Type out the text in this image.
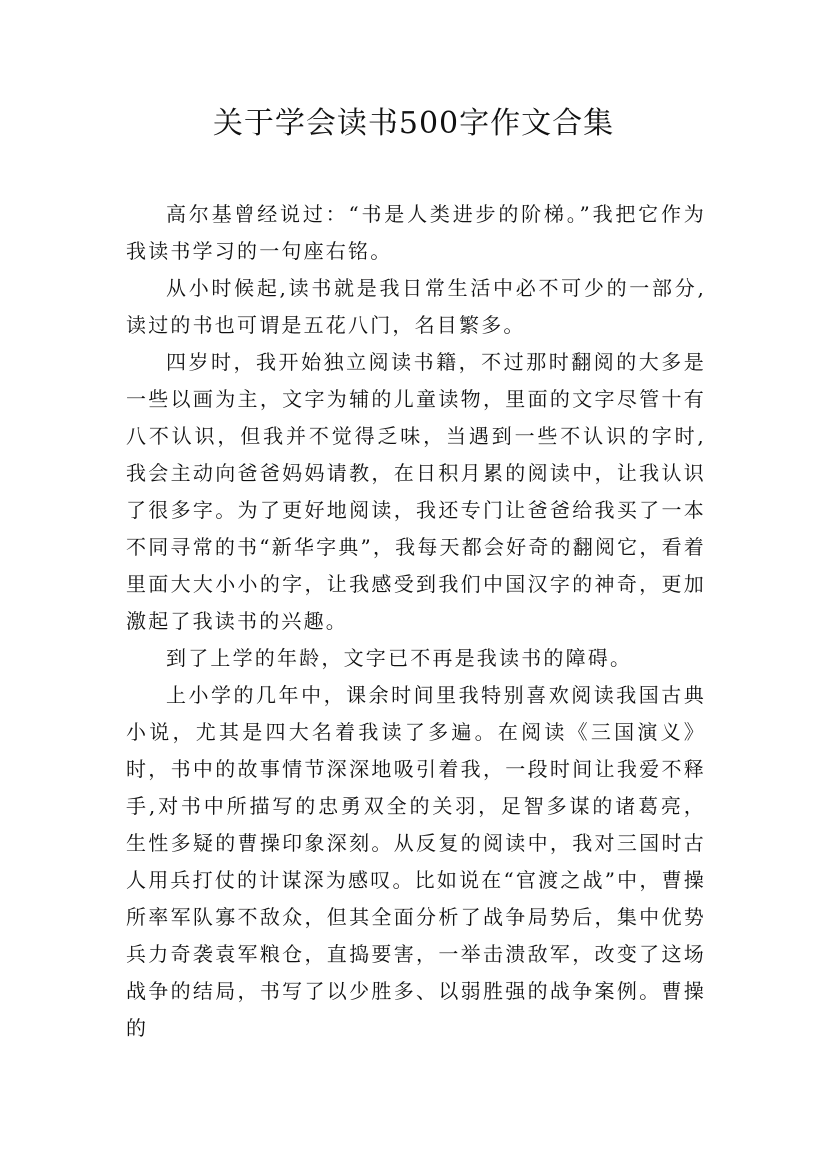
关于学会读书500字作文合集

高尔基曾经说过：“书是人类进步的阶梯。”我把它作为我读书学习的一句座右铭。

从小时候起,读书就是我日常生活中必不可少的一部分,读过的书也可谓是五花八门，名目繁多。

四岁时，我开始独立阅读书籍，不过那时翻阅的大多是一些以画为主，文字为辅的儿童读物，里面的文字尽管十有八不认识，但我并不觉得乏味，当遇到一些不认识的字时,我会主动向爸爸妈妈请教，在日积月累的阅读中，让我认识了很多字。为了更好地阅读，我还专门让爸爸给我买了一本不同寻常的书“新华字典”，我每天都会好奇的翻阅它，看着里面大大小小的字，让我感受到我们中国汉字的神奇，更加激起了我读书的兴趣。

到了上学的年龄，文字已不再是我读书的障碍。

上小学的几年中，课余时间里我特别喜欢阅读我国古典小说，尤其是四大名着我读了多遍。在阅读《三国演义》时，书中的故事情节深深地吸引着我，一段时间让我爱不释手,对书中所描写的忠勇双全的关羽，足智多谋的诸葛亮，生性多疑的曹操印象深刻。从反复的阅读中，我对三国时古人用兵打仗的计谋深为感叹。比如说在“官渡之战”中，曹操所率军队寡不敌众，但其全面分析了战争局势后，集中优势兵力奇袭袁军粮仓，直捣要害，一举击溃敌军，改变了这场战争的结局，书写了以少胜多、以弱胜强的战争案例。曹操的
